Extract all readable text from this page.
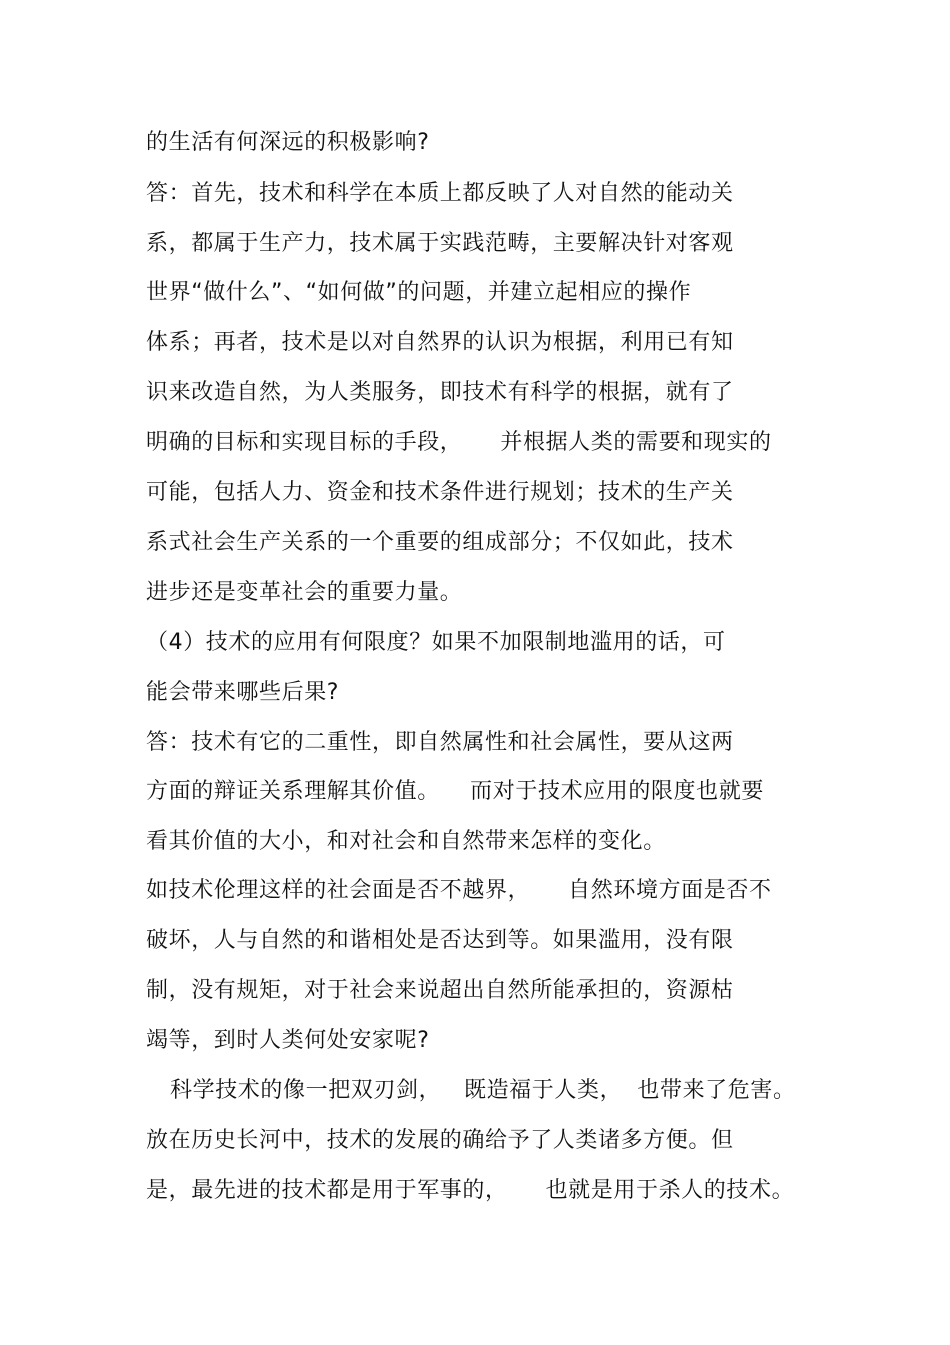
的生活有何深远的积极影响?
答：首先，技术和科学在本质上都反映了人对自然的能动关
系，都属于生产力，技术属于实践范畴，主要解决针对客观
世界“做什么”、“如何做”的问题，并建立起相应的操作
体系；再者，技术是以对自然界的认识为根据，利用已有知
识来改造自然，为人类服务，即技术有科学的根据，就有了
明确的目标和实现目标的手段，     并根据人类的需要和现实的
可能，包括人力、资金和技术条件进行规划；技术的生产关
系式社会生产关系的一个重要的组成部分；不仅如此，技术
进步还是变革社会的重要力量。
（4）技术的应用有何限度？如果不加限制地滥用的话，可
能会带来哪些后果?
答：技术有它的二重性，即自然属性和社会属性，要从这两
方面的辩证关系理解其价值。    而对于技术应用的限度也就要
看其价值的大小，和对社会和自然带来怎样的变化。
如技术伦理这样的社会面是否不越界，     自然环境方面是否不
破坏，人与自然的和谐相处是否达到等。如果滥用，没有限
制，没有规矩，对于社会来说超出自然所能承担的，资源枯
竭等，到时人类何处安家呢?
科学技术的像一把双刃剑，   既造福于人类，  也带来了危害。
放在历史长河中，技术的发展的确给予了人类诸多方便。但
是，最先进的技术都是用于军事的，     也就是用于杀人的技术。
